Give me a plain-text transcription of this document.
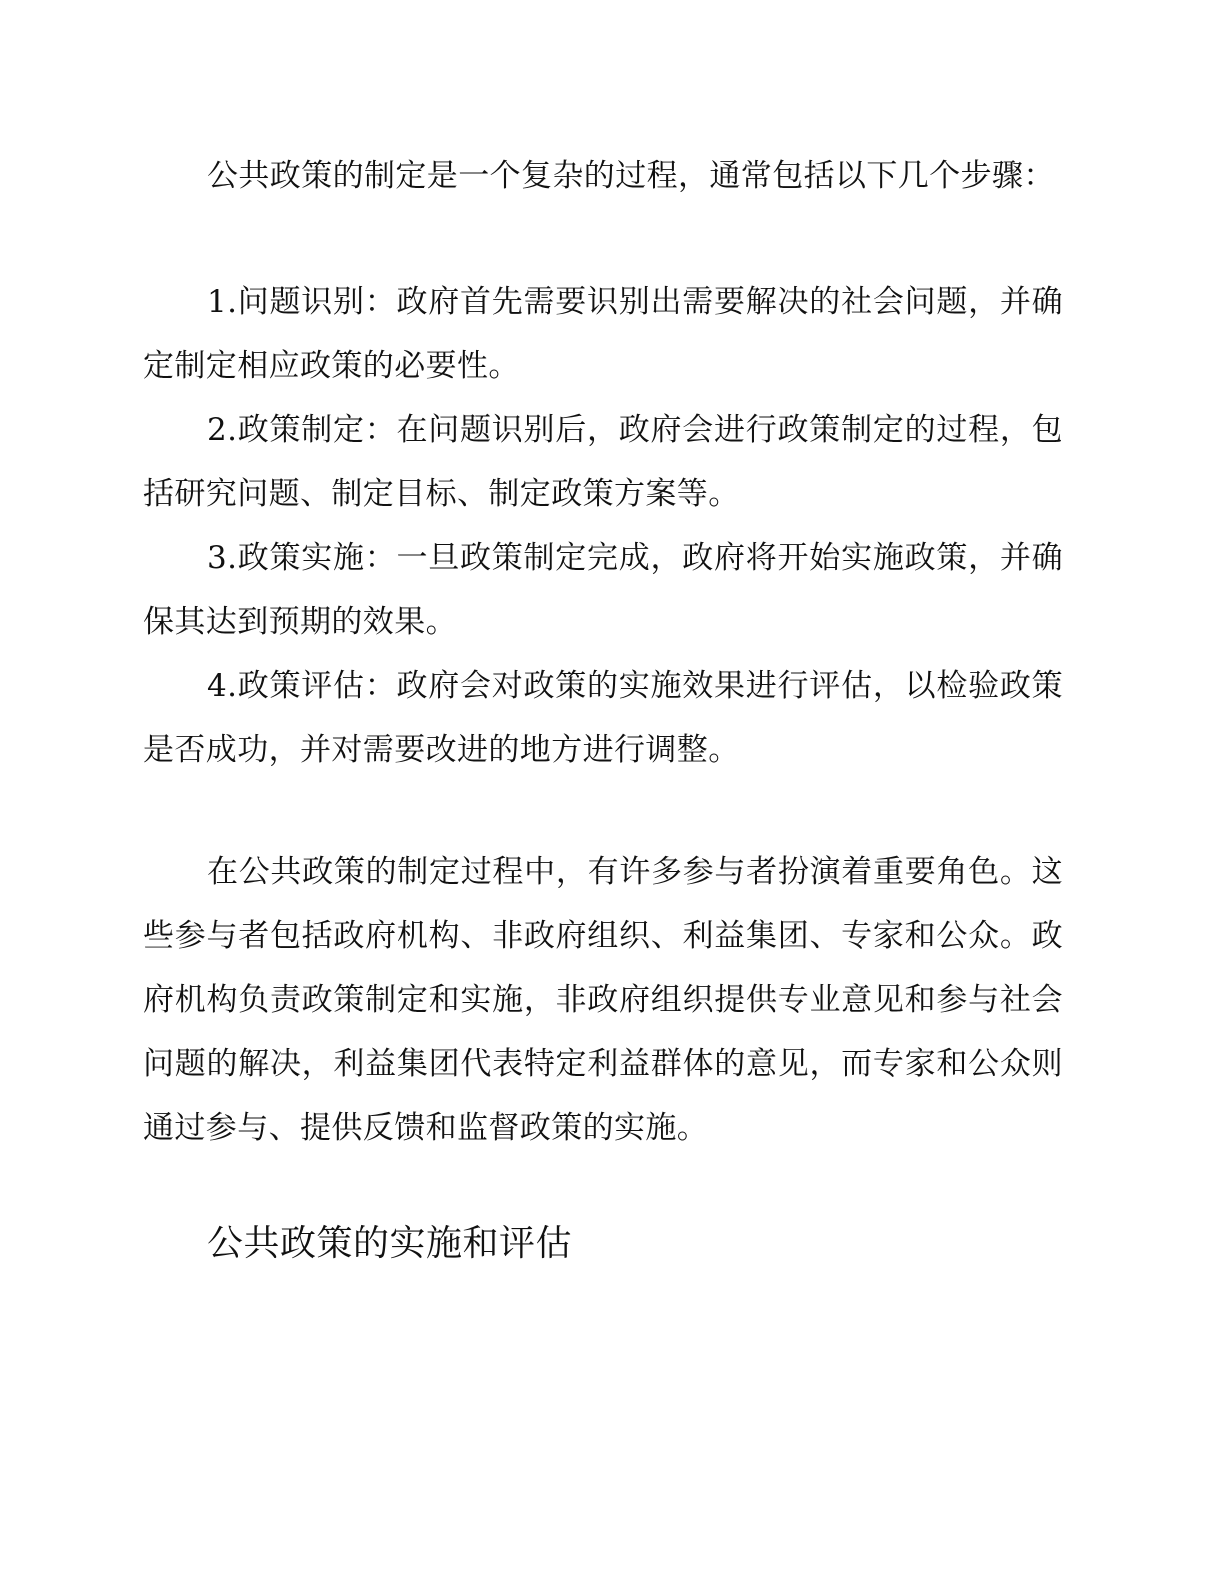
公共政策的制定是一个复杂的过程，通常包括以下几个步骤：

1.问题识别：政府首先需要识别出需要解决的社会问题，并确定制定相应政策的必要性。

2.政策制定：在问题识别后，政府会进行政策制定的过程，包括研究问题、制定目标、制定政策方案等。

3.政策实施：一旦政策制定完成，政府将开始实施政策，并确保其达到预期的效果。

4.政策评估：政府会对政策的实施效果进行评估，以检验政策是否成功，并对需要改进的地方进行调整。

在公共政策的制定过程中，有许多参与者扮演着重要角色。这些参与者包括政府机构、非政府组织、利益集团、专家和公众。政府机构负责政策制定和实施，非政府组织提供专业意见和参与社会问题的解决，利益集团代表特定利益群体的意见，而专家和公众则通过参与、提供反馈和监督政策的实施。

公共政策的实施和评估
